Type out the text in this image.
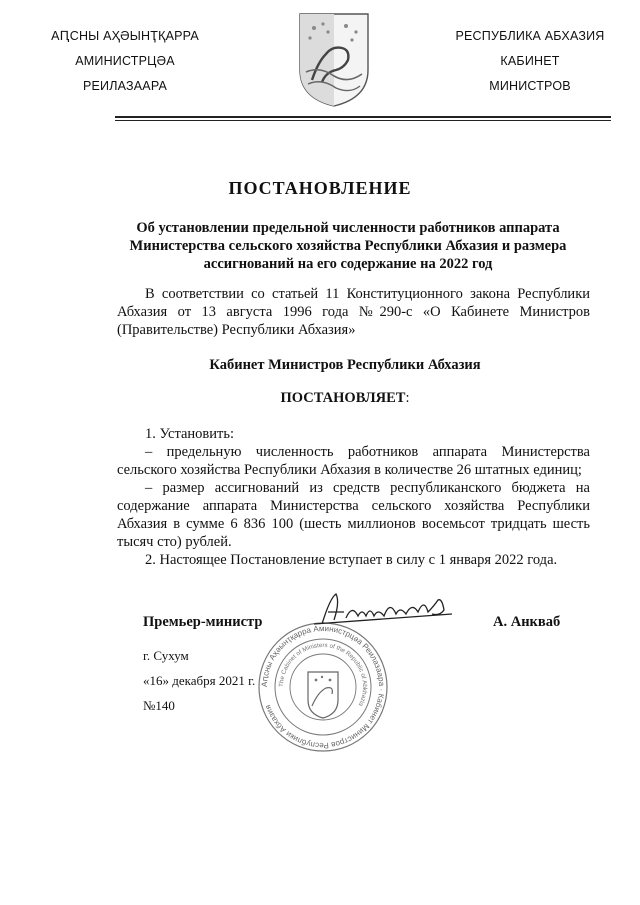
АԤСНЫ АҲӘЫНҬҚАРРА
АМИНИСТРЦӘА
РЕИЛАЗААРА
РЕСПУБЛИКА АБХАЗИЯ
КАБИНЕТ
МИНИСТРОВ
ПОСТАНОВЛЕНИЕ
Об установлении предельной численности работников аппарата
Министерства сельского хозяйства Республики Абхазия и размера
ассигнований на его содержание на 2022 год
В соответствии со статьей 11 Конституционного закона Республики Абхазия от 13 августа 1996 года №290-с «О Кабинете Министров (Правительстве) Республики Абхазия»
Кабинет Министров Республики Абхазия
ПОСТАНОВЛЯЕТ:

1. Установить:

– предельную численность работников аппарата Министерства сельского хозяйства Республики Абхазия в количестве 26 штатных единиц;

– размер ассигнований из средств республиканского бюджета на содержание аппарата Министерства сельского хозяйства Республики Абхазия в сумме 6 836 100 (шесть миллионов восемьсот тридцать шесть тысяч сто) рублей.

2. Настоящее Постановление вступает в силу с 1 января 2022 года.

Аԥсны Аҳәынҭқарра Аминистрцәа Реилазаара · Кабинет Министров Республики Абхазия
The Cabinet of Ministers of the Republic of Abkhazia
Премьер-министр	А. Анкваб
г. Сухум
«16» декабря 2021 г.
№140
